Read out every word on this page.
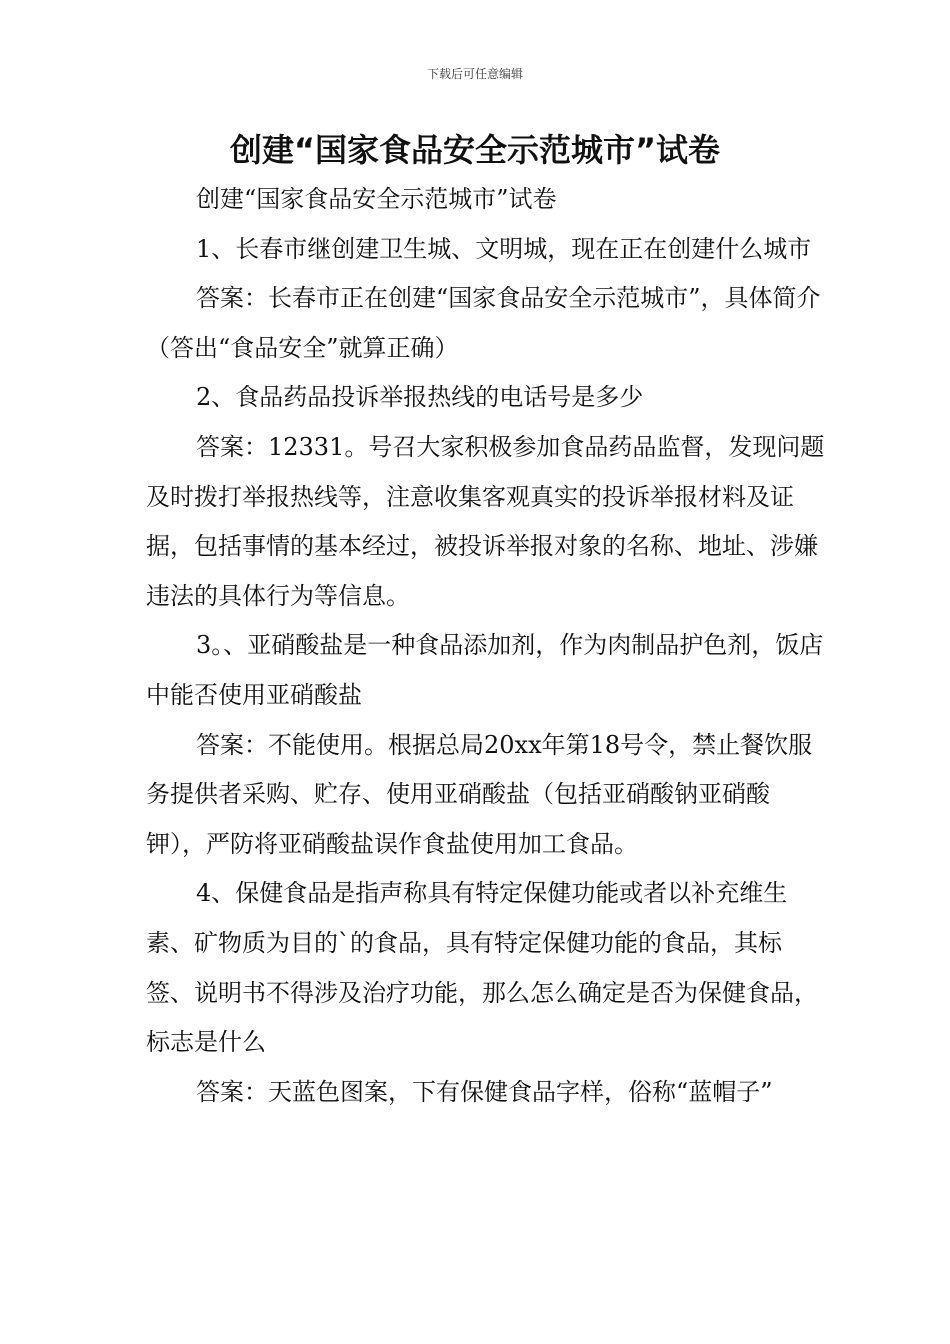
下载后可任意编辑
创建“国家食品安全示范城市”试卷

创建“国家食品安全示范城市”试卷

1、长春市继创建卫生城、文明城，现在正在创建什么城市

答案：长春市正在创建“国家食品安全示范城市”，具体简介（答出“食品安全”就算正确）

2、食品药品投诉举报热线的电话号是多少

答案：12331。号召大家积极参加食品药品监督，发现问题及时拨打举报热线等，注意收集客观真实的投诉举报材料及证据，包括事情的基本经过，被投诉举报对象的名称、地址、涉嫌违法的具体行为等信息。

3。、亚硝酸盐是一种食品添加剂，作为肉制品护色剂，饭店中能否使用亚硝酸盐

答案：不能使用。根据总局20xx年第18号令，禁止餐饮服务提供者采购、贮存、使用亚硝酸盐（包括亚硝酸钠亚硝酸钾），严防将亚硝酸盐误作食盐使用加工食品。

4、保健食品是指声称具有特定保健功能或者以补充维生素、矿物质为目的`的食品，具有特定保健功能的食品，其标签、说明书不得涉及治疗功能，那么怎么确定是否为保健食品，标志是什么

答案：天蓝色图案，下有保健食品字样，俗称“蓝帽子”
